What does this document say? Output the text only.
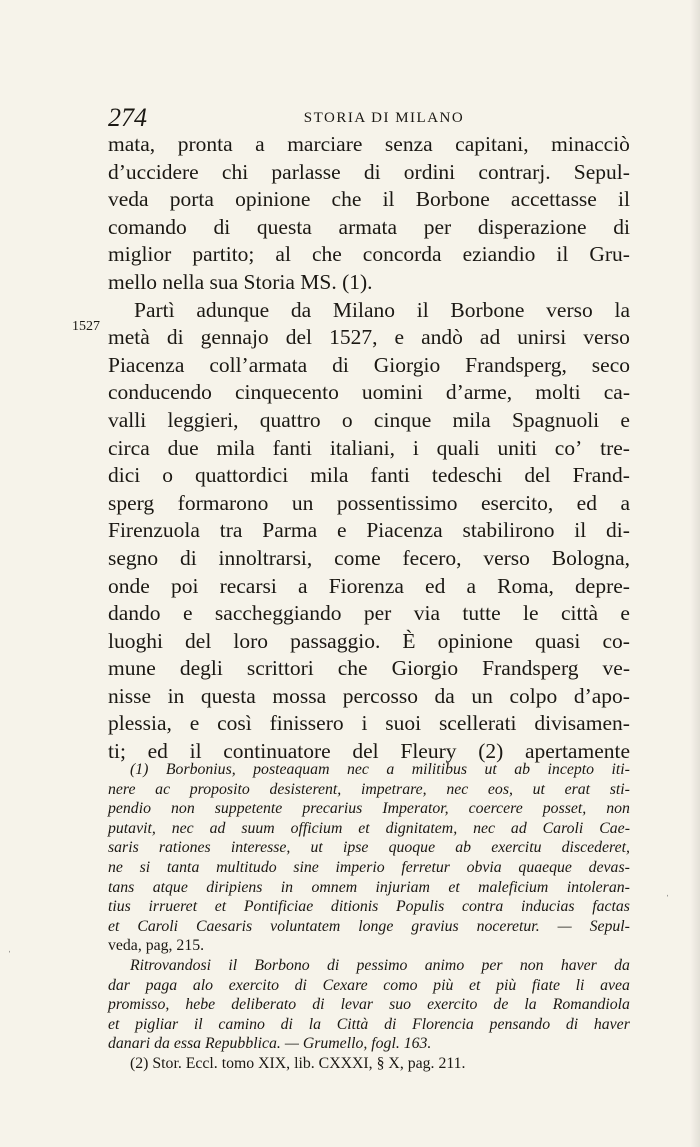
274	STORIA DI MILANO
1527
mata, pronta a marciare senza capitani, minacciò
d’uccidere chi parlasse di ordini contrarj. Sepul-
veda porta opinione che il Borbone accettasse il
comando di questa armata per disperazione di
miglior partito; al che concorda eziandio il Gru-
mello nella sua Storia MS. (1).
Partì adunque da Milano il Borbone verso la
metà di gennajo del 1527, e andò ad unirsi verso
Piacenza coll’armata di Giorgio Frandsperg, seco
conducendo cinquecento uomini d’arme, molti ca-
valli leggieri, quattro o cinque mila Spagnuoli e
circa due mila fanti italiani, i quali uniti co’ tre-
dici o quattordici mila fanti tedeschi del Frand-
sperg formarono un possentissimo esercito, ed a
Firenzuola tra Parma e Piacenza stabilirono il di-
segno di innoltrarsi, come fecero, verso Bologna,
onde poi recarsi a Fiorenza ed a Roma, depre-
dando e saccheggiando per via tutte le città e
luoghi del loro passaggio. È opinione quasi co-
mune degli scrittori che Giorgio Frandsperg ve-
nisse in questa mossa percosso da un colpo d’apo-
plessia, e così finissero i suoi scellerati divisamen-
ti; ed il continuatore del Fleury (2) apertamente
(1) Borbonius, posteaquam nec a militibus ut ab incepto iti-
nere ac proposito desisterent, impetrare, nec eos, ut erat sti-
pendio non suppetente precarius Imperator, coercere posset, non
putavit, nec ad suum officium et dignitatem, nec ad Caroli Cae-
saris rationes interesse, ut ipse quoque ab exercitu discederet,
ne si tanta multitudo sine imperio ferretur obvia quaeque devas-
tans atque diripiens in omnem injuriam et maleficium intoleran-
tius irrueret et Pontificiae ditionis Populis contra inducias factas
et Caroli Caesaris voluntatem longe gravius noceretur. — Sepul-
veda, pag, 215.
Ritrovandosi il Borbono di pessimo animo per non haver da
dar paga alo exercito di Cexare como più et più fiate li avea
promisso, hebe deliberato di levar suo exercito de la Romandiola
et pigliar il camino di la Città di Florencia pensando di haver
danari da essa Repubblica. — Grumello, fogl. 163.
(2) Stor. Eccl. tomo XIX, lib. CXXXI, § X, pag. 211.
ˌ
ˌ
